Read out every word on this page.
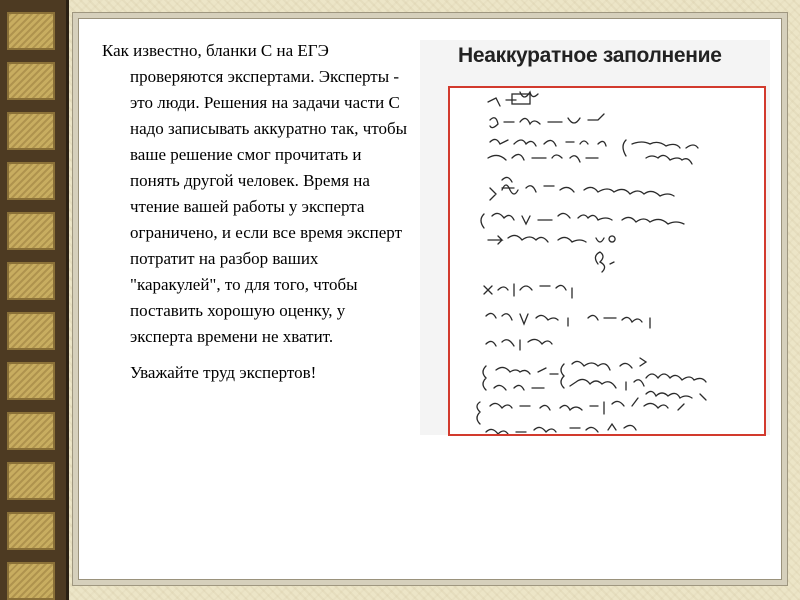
Как известно, бланки С на ЕГЭ проверяются экспертами. Эксперты - это люди. Решения на задачи части С надо записывать аккуратно так, чтобы ваше решение смог прочитать и понять другой человек. Время на чтение вашей работы у эксперта ограничено, и если все время эксперт потратит на разбор ваших "каракулей", то для того, чтобы поставить хорошую оценку, у эксперта времени не хватит.

Уважайте труд экспертов!

Неаккуратное заполнение
